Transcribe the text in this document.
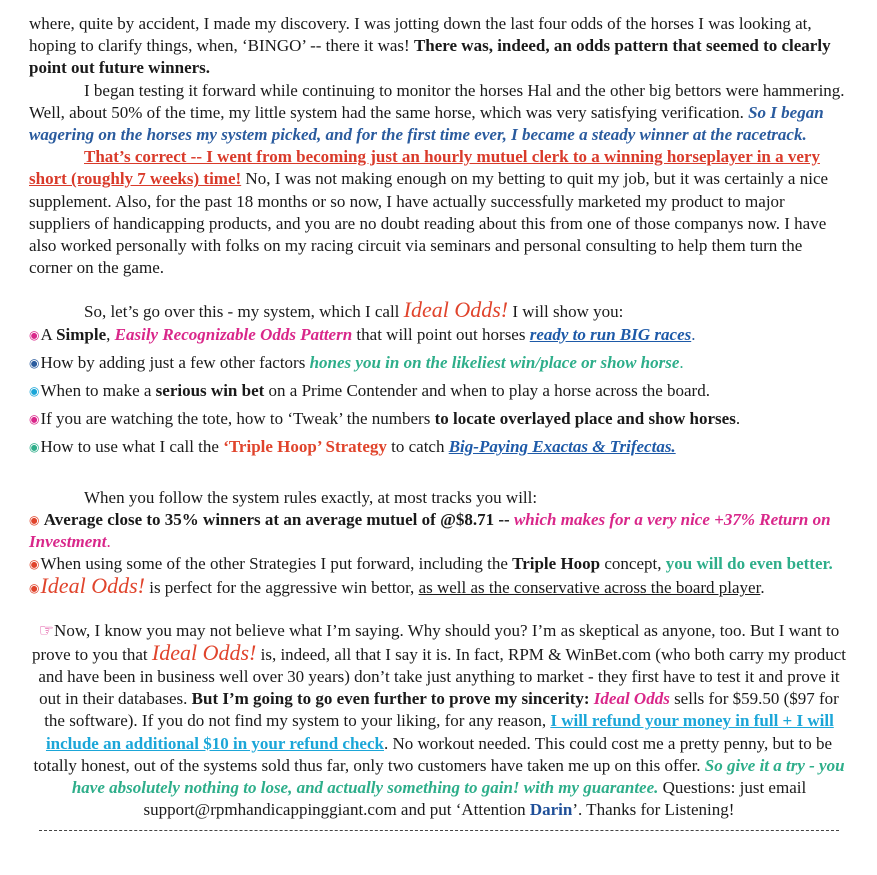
where, quite by accident, I made my discovery. I was jotting down the last four odds of the horses I was looking at, hoping to clarify things, when, ‘BINGO’ -- there it was! There was, indeed, an odds pattern that seemed to clearly point out future winners.

I began testing it forward while continuing to monitor the horses Hal and the other big bettors were hammering. Well, about 50% of the time, my little system had the same horse, which was very satisfying verification. So I began wagering on the horses my system picked, and for the first time ever, I became a steady winner at the racetrack.

That’s correct -- I went from becoming just an hourly mutuel clerk to a winning horseplayer in a very short (roughly 7 weeks) time! No, I was not making enough on my betting to quit my job, but it was certainly a nice supplement. Also, for the past 18 months or so now, I have actually successfully marketed my product to major suppliers of handicapping products, and you are no doubt reading about this from one of those companys now. I have also worked personally with folks on my racing circuit via seminars and personal consulting to help them turn the corner on the game.

So, let’s go over this - my system, which I call Ideal Odds! I will show you:

◉A Simple, Easily Recognizable Odds Pattern that will point out horses ready to run BIG races.
◉How by adding just a few other factors hones you in on the likeliest win/place or show horse.
◉When to make a serious win bet on a Prime Contender and when to play a horse across the board.
◉If you are watching the tote, how to ‘Tweak’ the numbers to locate overlayed place and show horses.
◉How to use what I call the ‘Triple Hoop’ Strategy to catch Big-Paying Exactas & Trifectas.

When you follow the system rules exactly, at most tracks you will:

◉ Average close to 35% winners at an average mutuel of @$8.71 -- which makes for a very nice +37% Return on Investment.

◉When using some of the other Strategies I put forward, including the Triple Hoop concept, you will do even better.

◉Ideal Odds! is perfect for the aggressive win bettor, as well as the conservative across the board player.

☞Now, I know you may not believe what I’m saying. Why should you? I’m as skeptical as anyone, too. But I want to prove to you that Ideal Odds! is, indeed, all that I say it is. In fact, RPM & WinBet.com (who both carry my product and have been in business well over 30 years) don’t take just anything to market - they first have to test it and prove it out in their databases. But I’m going to go even further to prove my sincerity: Ideal Odds sells for $59.50 ($97 for the software). If you do not find my system to your liking, for any reason, I will refund your money in full + I will include an additional $10 in your refund check. No workout needed. This could cost me a pretty penny, but to be totally honest, out of the systems sold thus far, only two customers have taken me up on this offer. So give it a try - you have absolutely nothing to lose, and actually something to gain! with my guarantee. Questions: just email support@rpmhandicappinggiant.com and put ‘Attention Darin’. Thanks for Listening!
